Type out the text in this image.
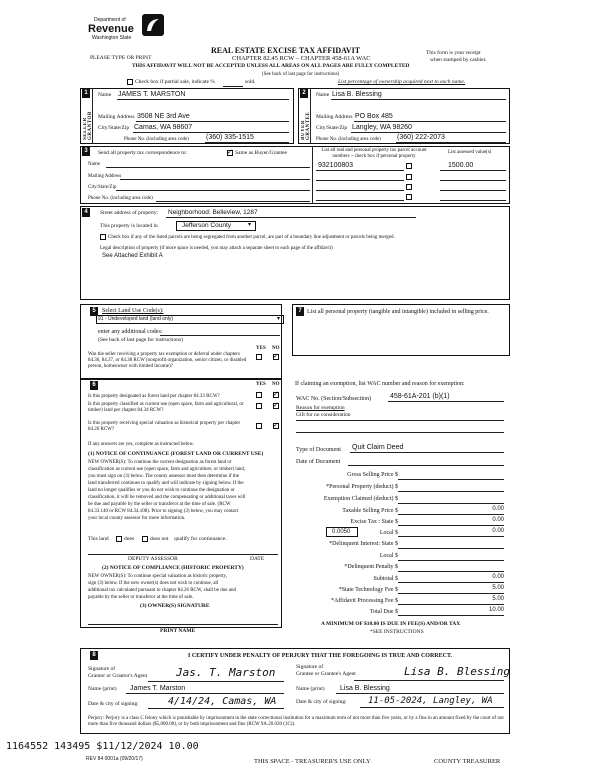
Department of
Revenue
Washington State
PLEASE TYPE OR PRINT
REAL ESTATE EXCISE TAX AFFIDAVIT
CHAPTER 82.45 RCW – CHAPTER 458-61A WAC
THIS AFFIDAVIT WILL NOT BE ACCEPTED UNLESS ALL AREAS ON ALL PAGES ARE FULLY COMPLETED
(See back of last page for instructions)
This form is your receipt
when stamped by cashier.
Check box if partial sale, indicate %	sold.	List percentage of ownership acquired next to each name.
1
SELLER GRANTOR
Name JAMES T. MARSTON
Mailing Address 3508 NE 3rd Ave
City/State/Zip Camas, WA 98607
Phone No. (including area code) (360) 335-1515
2
BUYER GRANTEE
Name Lisa B. Blessing
Mailing Address PO Box 485
City/State/Zip Langley, WA 98260
Phone No. (including area code) (360) 222-2073
3	Send all property tax correspondence to:
✓	Same as Buyer/Grantee
Name
Mailing Address
City/State/Zip
Phone No. (including area code)
List all real and personal property tax parcel account numbers – check box if personal property
List assessed value(s)
932100803	1500.00
4	Street address of property: Neighborhood: Belleview, 1287
This property is located in	Jefferson County	▾
Check box if any of the listed parcels are being segregated from another parcel, are part of a boundary line adjustment or parcels being merged.
Legal description of property (if more space is needed, you may attach a separate sheet to each page of the affidavit)
See Attached Exhibit A
5	Select Land Use Code(s):
91 - Undeveloped land (land only)	▾
enter any additional codes:
(See back of last page for instructions)
YES NO
Was the seller receiving a property tax exemption or deferral under chapters 84.36, 84.37, or 84.38 RCW (nonprofit organization, senior citizen, or disabled person, homeowner with limited income)?
✓
7 List all personal property (tangible and intangible) included in selling price.
6	YES NO
Is this property designated as forest land per chapter 84.33 RCW?
✓
Is this property classified as current use (open space, farm and agricultural, or timber) land per chapter 84.34 RCW?
✓
Is this property receiving special valuation as historical property per chapter 84.26 RCW?
✓
If any answers are yes, complete as instructed below.
(1) NOTICE OF CONTINUANCE (FOREST LAND OR CURRENT USE)
NEW OWNER(S): To continue the current designation as forest land or
classification as current use (open space, farm and agriculture, or timber) land,
you must sign on (3) below. The county assessor must then determine if the
land transferred continues to qualify and will indicate by signing below. If the
land no longer qualifies or you do not wish to continue the designation or
classification, it will be removed and the compensating or additional taxes will
be due and payable by the seller or transferor at the time of sale. (RCW
84.33.140 or RCW 84.34.108). Prior to signing (3) below, you may contact
your local county assessor for more information.
This land	does	does not qualify for continuance.
DEPUTY ASSESSOR	DATE
(2) NOTICE OF COMPLIANCE (HISTORIC PROPERTY)
NEW OWNER(S): To continue special valuation as historic property,
sign (3) below. If the new owner(s) does not wish to continue, all
additional tax calculated pursuant to chapter 84.26 RCW, shall be due and
payable by the seller or transferor at the time of sale.
(3) OWNER(S) SIGNATURE
PRINT NAME
If claiming an exemption, list WAC number and reason for exemption:
WAC No. (Section/Subsection)	458-61A-201 (b)(1)
Reason for exemption
Gift for no consideration
Type of Document Quit Claim Deed
Date of Document
Gross Selling Price $
*Personal Property (deduct) $
Exemption Claimed (deduct) $
Taxable Selling Price $	0.00
Excise Tax : State $	0.00
0.0050	Local $	0.00
*Delinquent Interest: State $
Local $
*Delinquent Penalty $
Subtotal $	0.00
*State Technology Fee $	5.00
*Affidavit Processing Fee $	5.00
Total Due $	10.00
A MINIMUM OF $10.00 IS DUE IN FEE(S) AND/OR TAX
*SEE INSTRUCTIONS
8	I CERTIFY UNDER PENALTY OF PERJURY THAT THE FOREGOING IS TRUE AND CORRECT.
Signature of
Grantor or Grantor's Agent	Jas. T. Marston
Name (print) James T. Marston
Date & city of signing:	4/14/24, Camas, WA
Signature of
Grantee or Grantee's Agent	Lisa B. Blessing
Name (print) Lisa B. Blessing
Date & city of signing: 11-05-2024, Langley, WA
Perjury: Perjury is a class C felony which is punishable by imprisonment in the state correctional institution for a maximum term of not more than five years, or by a fine in an amount fixed by the court of not more than five thousand dollars ($5,000.00), or by both imprisonment and fine (RCW 9A.20.020 (1C)).
1164552 143495 $11/12/2024 10.00
REV 84 0001a (09/20/17)	THIS SPACE - TREASURER'S USE ONLY	COUNTY TREASURER
